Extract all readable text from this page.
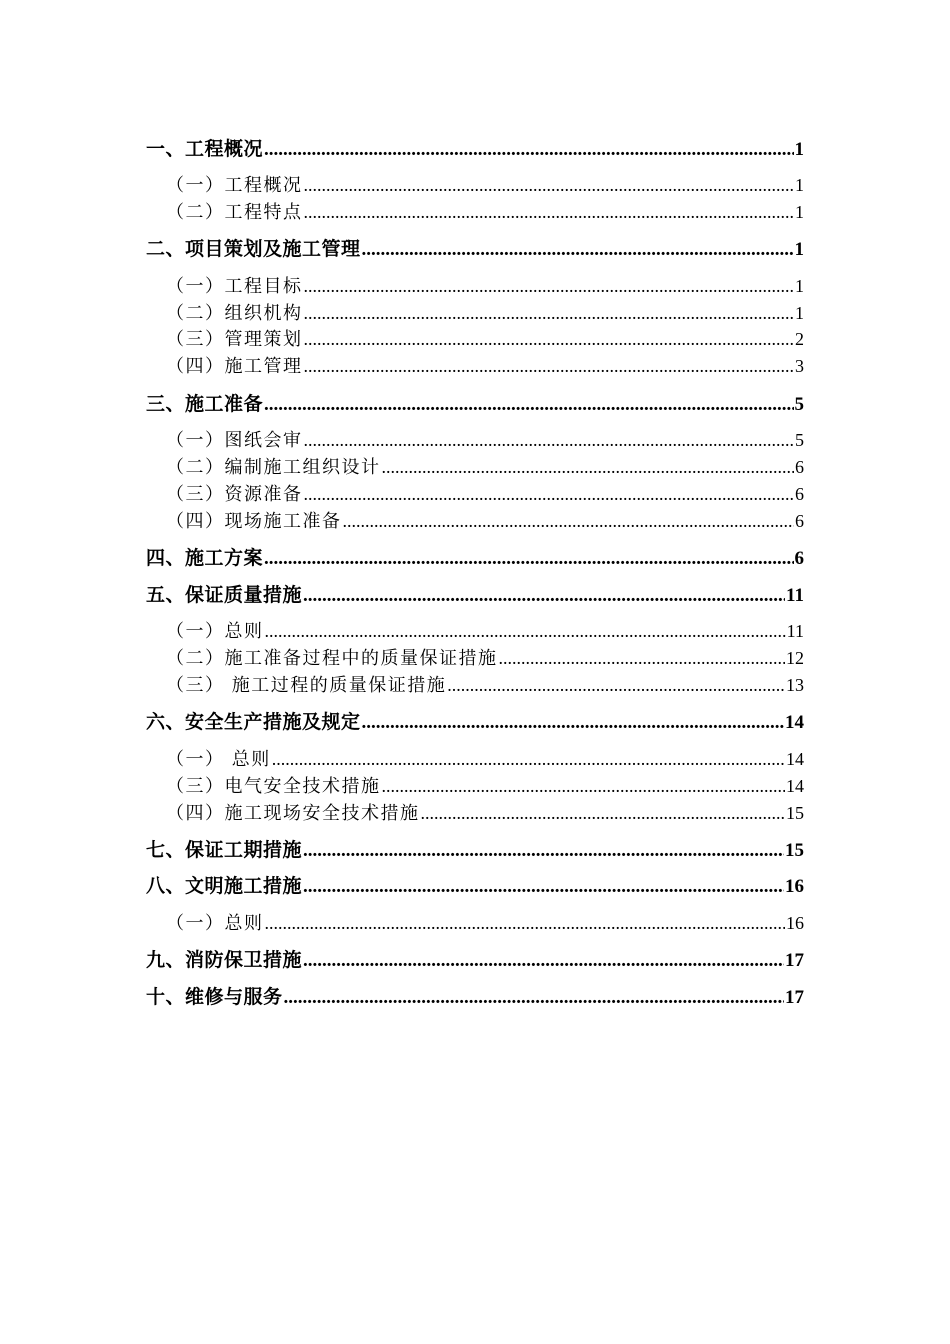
一、工程概况 .....	1
（一）工程概况 .....	1
（二）工程特点 .....	1
二、项目策划及施工管理 .....	1
（一）工程目标 .....	1
（二）组织机构 .....	1
（三）管理策划 .....	2
（四）施工管理 .....	3
三、施工准备 .....	5
（一）图纸会审 .....	5
（二）编制施工组织设计 .....	6
（三）资源准备 .....	6
（四）现场施工准备 .....	6
四、施工方案 .....	6
五、保证质量措施 .....	11
（一）总则 .....	11
（二）施工准备过程中的质量保证措施 .....	12
（三） 施工过程的质量保证措施 .....	13
六、安全生产措施及规定 .....	14
（一） 总则 .....	14
（三）电气安全技术措施 .....	14
（四）施工现场安全技术措施 .....	15
七、保证工期措施 .....	15
八、文明施工措施 .....	16
（一）总则 .....	16
九、消防保卫措施 .....	17
十、维修与服务 .....	17
